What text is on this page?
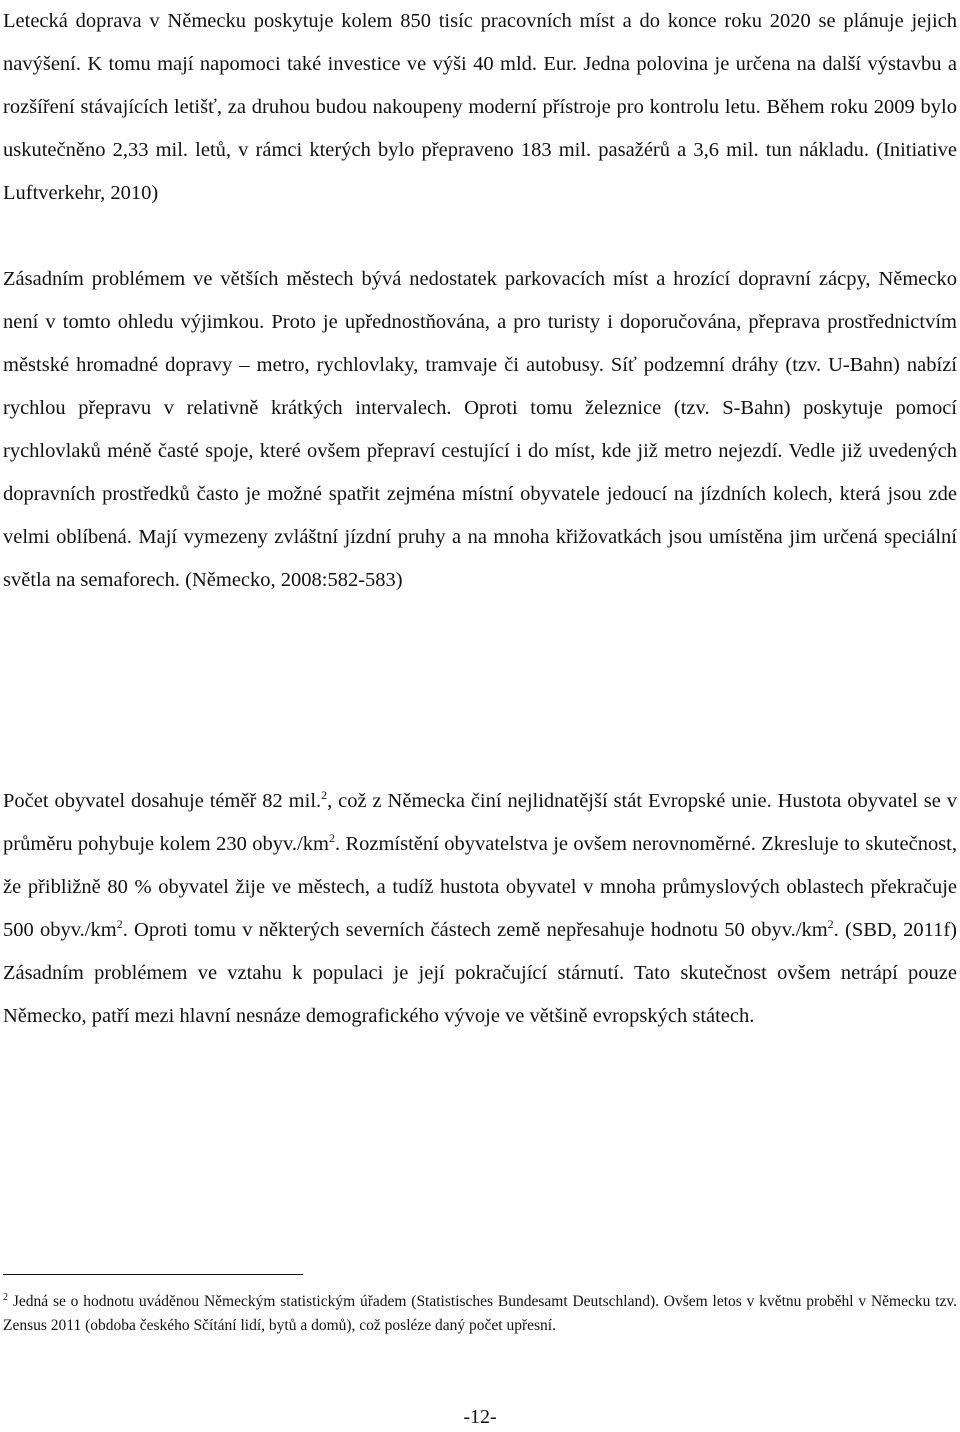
Letecká doprava v Německu poskytuje kolem 850 tisíc pracovních míst a do konce roku 2020 se plánuje jejich navýšení. K tomu mají napomoci také investice ve výši 40 mld. Eur. Jedna polovina je určena na další výstavbu a rozšíření stávajících letišť, za druhou budou nakoupeny moderní přístroje pro kontrolu letu. Během roku 2009 bylo uskutečněno 2,33 mil. letů, v rámci kterých bylo přepraveno 183 mil. pasažérů a 3,6 mil. tun nákladu. (Initiative Luftverkehr, 2010)

Zásadním problémem ve větších městech bývá nedostatek parkovacích míst a hrozící dopravní zácpy, Německo není v tomto ohledu výjimkou. Proto je upřednostňována, a pro turisty i doporučována, přeprava prostřednictvím městské hromadné dopravy – metro, rychlovlaky, tramvaje či autobusy. Síť podzemní dráhy (tzv. U-Bahn) nabízí rychlou přepravu v relativně krátkých intervalech. Oproti tomu železnice (tzv. S-Bahn) poskytuje pomocí rychlovlaků méně časté spoje, které ovšem přepraví cestující i do míst, kde již metro nejezdí. Vedle již uvedených dopravních prostředků často je možné spatřit zejména místní obyvatele jedoucí na jízdních kolech, která jsou zde velmi oblíbená. Mají vymezeny zvláštní jízdní pruhy a na mnoha křižovatkách jsou umístěna jim určená speciální světla na semaforech. (Německo, 2008:582-583)

Počet obyvatel dosahuje téměř 82 mil.$^2$, což z Německa činí nejlidnatější stát Evropské unie. Hustota obyvatel se v průměru pohybuje kolem 230 $obyv./km^2$. Rozmístění obyvatelstva je ovšem nerovnoměrné. Zkresluje to skutečnost, že přibližně 80 % obyvatel žije ve městech, a tudíž hustota obyvatel v mnoha průmyslových oblastech překračuje 500 $obyv./km^2$. Oproti tomu v některých severních částech země nepřesahuje hodnotu 50 $obyv./km^2$. (SBD, 2011f) Zásadním problémem ve vztahu k populaci je její pokračující stárnutí. Tato skutečnost ovšem netrápí pouze Německo, patří mezi hlavní nesnáze demografického vývoje ve většině evropských státech.

$^2$ Jedná se o hodnotu uváděnou Německým statistickým úřadem (Statistisches Bundesamt Deutschland). Ovšem letos v květnu proběhl v Německu tzv. Zensus 2011 (obdoba českého Sčítání lidí, bytů a domů), což posléze daný počet upřesní.

-12-
